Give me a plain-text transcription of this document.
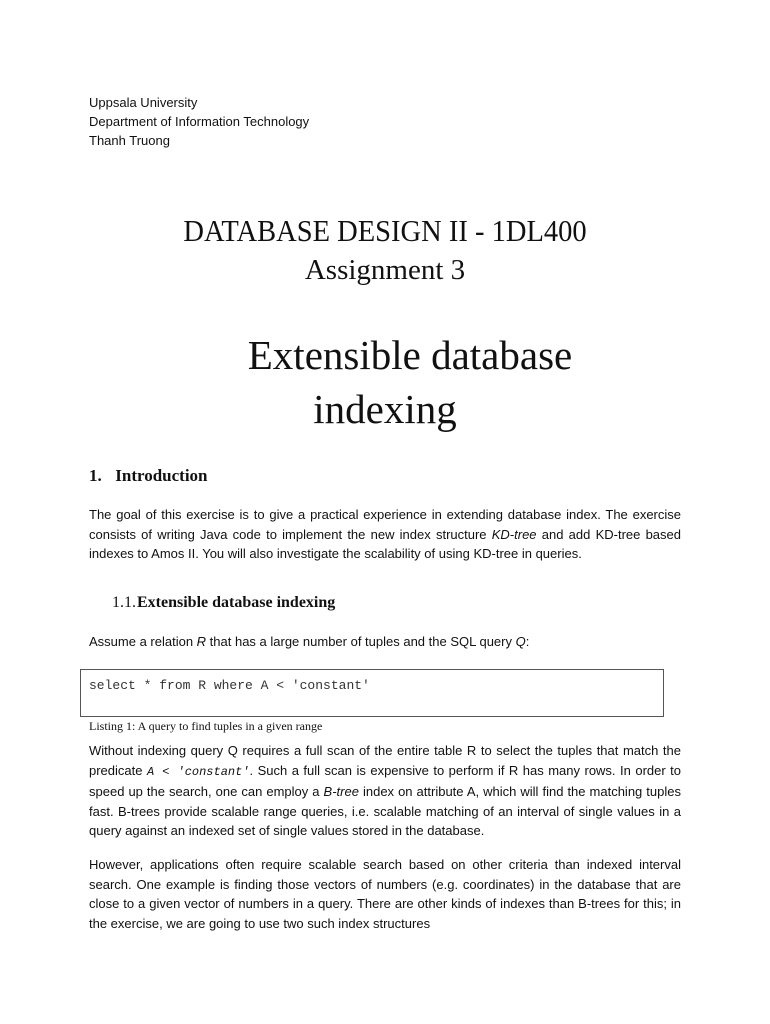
Uppsala University
Department of Information Technology
Thanh Truong
DATABASE DESIGN II - 1DL400
Assignment 3
Extensible database
indexing
1. Introduction
The goal of this exercise is to give a practical experience in extending database index. The exercise consists of writing Java code to implement the new index structure KD-tree and add KD-tree based indexes to Amos II. You will also investigate the scalability of using KD-tree in queries.
1.1.Extensible database indexing
Assume a relation R that has a large number of tuples and the SQL query Q:
select * from R where A < 'constant'
Listing 1: A query to find tuples in a given range
Without indexing query Q requires a full scan of the entire table R to select the tuples that match the predicate A < 'constant'. Such a full scan is expensive to perform if R has many rows. In order to speed up the search, one can employ a B-tree index on attribute A, which will find the matching tuples fast. B-trees provide scalable range queries, i.e. scalable matching of an interval of single values in a query against an indexed set of single values stored in the database.
However, applications often require scalable search based on other criteria than indexed interval search. One example is finding those vectors of numbers (e.g. coordinates) in the database that are close to a given vector of numbers in a query. There are other kinds of indexes than B-trees for this; in the exercise, we are going to use two such index structures
